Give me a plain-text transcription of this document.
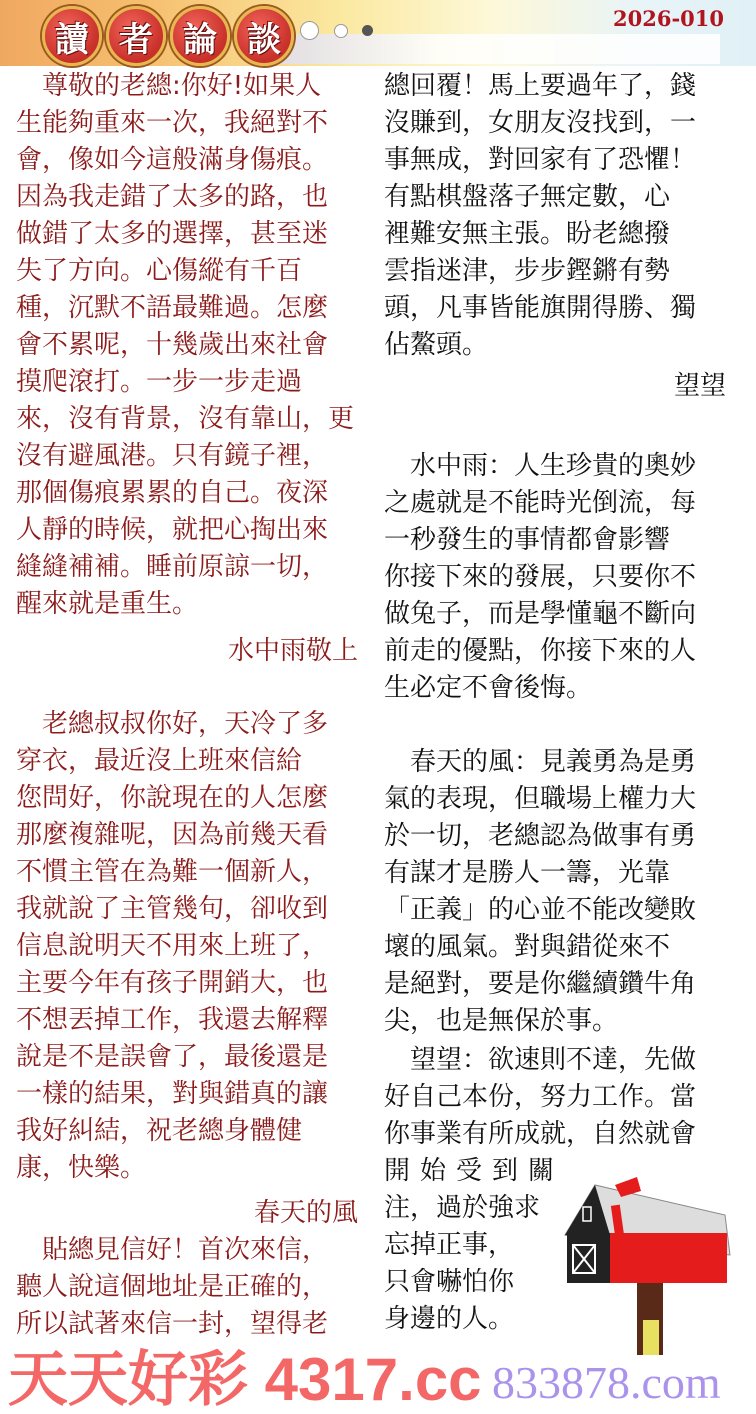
讀 者 論 談
2026-010
尊敬的老總:你好!如果人
生能夠重來一次，我絕對不
會，像如今這般滿身傷痕。
因為我走錯了太多的路，也
做錯了太多的選擇，甚至迷
失了方向。心傷縱有千百
種，沉默不語最難過。怎麼
會不累呢，十幾歲出來社會
摸爬滾打。一步一步走過
來，沒有背景，沒有靠山，更
沒有避風港。只有鏡子裡，
那個傷痕累累的自己。夜深
人靜的時候，就把心掏出來
縫縫補補。睡前原諒一切，
醒來就是重生。
水中雨敬上
老總叔叔你好，天冷了多
穿衣，最近沒上班來信給
您問好，你說現在的人怎麼
那麼複雜呢，因為前幾天看
不慣主管在為難一個新人，
我就說了主管幾句，卻收到
信息說明天不用來上班了，
主要今年有孩子開銷大，也
不想丟掉工作，我還去解釋
說是不是誤會了，最後還是
一樣的結果，對與錯真的讓
我好糾結，祝老總身體健
康，快樂。
春天的風
貼總見信好！首次來信，
聽人說這個地址是正確的，
所以試著來信一封，望得老
總回覆！馬上要過年了，錢
沒賺到，女朋友沒找到，一
事無成，對回家有了恐懼！
有點棋盤落子無定數，心
裡難安無主張。盼老總撥
雲指迷津，步步鏗鏘有勢
頭，凡事皆能旗開得勝、獨
佔鰲頭。
望望
水中雨：人生珍貴的奧妙
之處就是不能時光倒流，每
一秒發生的事情都會影響
你接下來的發展，只要你不
做兔子，而是學懂龜不斷向
前走的優點，你接下來的人
生必定不會後悔。
春天的風：見義勇為是勇
氣的表現，但職場上權力大
於一切，老總認為做事有勇
有謀才是勝人一籌，光靠
「正義」的心並不能改變敗
壞的風氣。對與錯從來不
是絕對，要是你繼續鑽牛角
尖，也是無保於事。
望望：欲速則不達，先做
好自己本份，努力工作。當
你事業有所成就，自然就會
開始受到關
注，過於強求
忘掉正事，
只會嚇怕你
身邊的人。
天天好彩 4317.cc 833878.com
